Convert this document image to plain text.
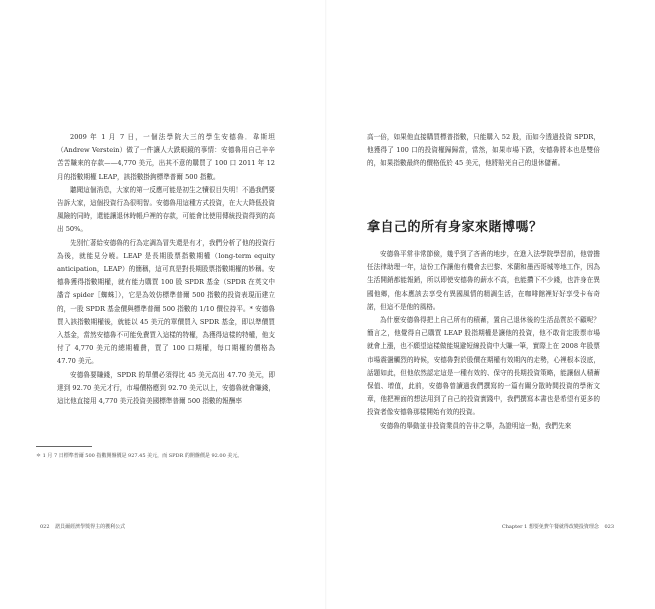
2009 年 1 月 7 日，一個法學院大三的學生安德魯．韋斯坦（Andrew Verstein）做了一件讓人大跌眼鏡的事情：安德魯用自己辛辛苦苦賺來的存款——4,770 美元，出其不意的購買了 100 口 2011 年 12 月的指數期權 LEAP，該指數掛鉤標準普爾 500 指數。

聽聞這個消息，大家的第一反應可能是初生之犢很目失明！不過我們要告訴大家，這個投資行為很明智。安德魯用這種方式投資，在大大降低投資風險的同時，還能讓退休時帳戶裡的存款，可能會比使用傳統投資得到的高出 50%。

先別忙著給安德魯的行為定調為冒失還是有才，我們分析了他的投資行為後，就能見分曉。LEAP 是長期股票指數期權（long-term equity anticipation，LEAP）的簡稱，這可真是對長期股票指數期權的妙稱。安德魯獲得指數期權，就有能力購買 100 股 SPDR 基金（SPDR 在英文中諧音 spider［蜘蛛］），它是為效仿標準普爾 500 指數的投資表現而建立的，一股 SPDR 基金價與標準普爾 500 指數的 1/10 價位持平。* 安德魯買入該指數期權後，就能以 45 美元的單價買入 SPDR 基金，即以準價買入基金，當然安德魯不可能免費買入這樣的特權，為獲得這樣的特權，他支付了 4,770 美元的總期權費，買了 100 口期權，每口期權的價格為 47.70 美元。

安德魯要賺錢，SPDR 的單價必須得比 45 美元高出 47.70 美元，即達到 92.70 美元才行，市場價格應到 92.70 美元以上，安德魯就會賺錢，這比他直接用 4,770 美元投資美國標準普爾 500 指數的報酬率

＊ 1 月 7 日標準普爾 500 指數開盤價是 927.45 美元，而 SPDR 的開盤價是 92.00 美元。
022 諾貝爾經濟學獎得主的獲利公式

高一倍，如果他直接購買標普指數，只能購入 52 股，而如今透過投資 SPDR，他獲得了 100 口的投資權歸歸當，當然，如果市場下跌，安德魯將本也是雙倍的，如果指數最終的價格低於 45 美元，他將賠光自己的退休儲蓄。

拿自己的所有身家來賭博嗎？

安德魯平常非常節儉，幾乎到了吝嗇的地步，在進入法學院學習前，他曾擔任法律助理一年，這份工作讓他有機會去巴黎、米蘭和墨西哥城等地工作，因為生活開銷都能報銷，所以即使安德魯的薪水不高，也能攢下不少錢，也許身在異國他鄉，他本應該去享受有異國風情的精調生活，在咖啡館裡好好享受卡布奇諾，但這不是他的風格。

為什麼安德魯得把上自己所有的積蓄，置自己退休後的生活品質於不顧呢？簡言之，他覺得自己購買 LEAP 股指期權是讓他的投資，他不敢肯定股票市場就會上漲，也不願望這樣做能規避短線投資中大賺一筆，實際上在 2008 年股票市場震盪觸烈的時候，安德魯對於股價在期權有效期內的走勢，心裡根本沒底，話題如此，但他依然認定這是一種有效的、保守的長期投資策略，能讓個人積蓄保值、增值，此前，安德魯曾讀過我們撰寫的一篇有關分散時間投資的學術文章，他把裡面的想法用到了自己的投資實踐中，我們撰寫本書也是希望有更多的投資者像安德魯那樣開始有效的投資。

安德魯的舉動並非投資業員的告非之舉，為證明這一點，我們先來

Chapter 1 想要免費午餐就得改變投資理念 023
